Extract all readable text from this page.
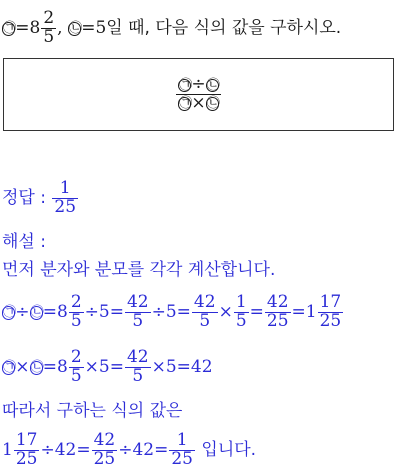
㉠=8 $\frac{2}{5}$ , ㉡=5일 때, 다음 식의 값을 구하시오.
$\frac{㉠\div㉡}{㉠\times㉡}$
정답 : $\frac{1}{25}$
해설 :
먼저 분자와 분모를 각각 계산합니다.
㉠÷㉡=8 $\frac{2}{5} \div 5= \frac{42}{5} \div 5= \frac{42}{5} \times \frac{1}{5} = \frac{42}{25} =1 \frac{17}{25}$
㉠×㉡=8 $\frac{2}{5} \times 5= \frac{42}{5} \times 5=42$
따라서 구하는 식의 값은
$1 \frac{17}{25} \div 42= \frac{42}{25} \div 42= \frac{1}{25}$ 입니다.
